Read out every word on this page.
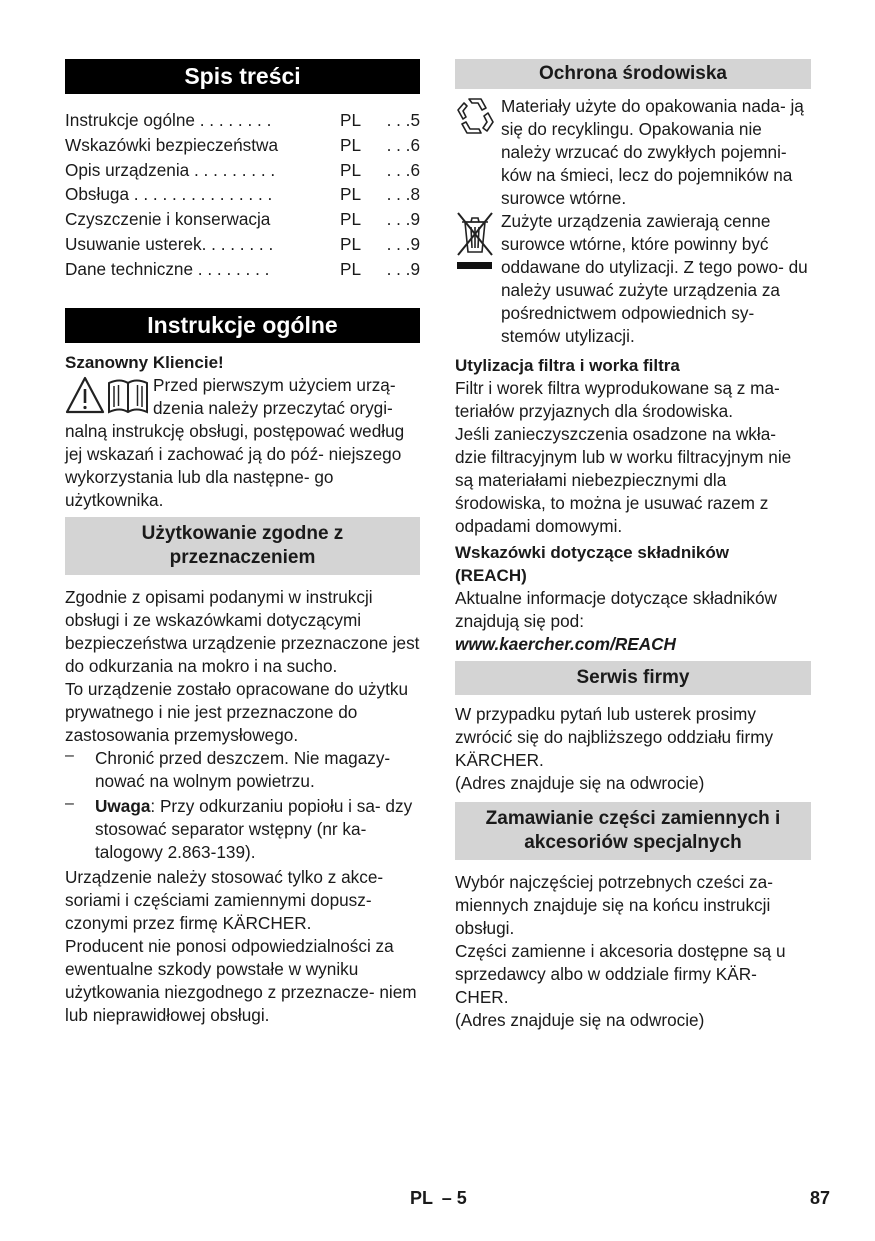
Spis treści
Instrukcje ogólne . . . . . . . .	PL	. . .5
Wskazówki bezpieczeństwa	PL	. . .6
Opis urządzenia . . . . . . . . .	PL	. . .6
Obsługa . . . . . . . . . . . . . . .	PL	. . .8
Czyszczenie i konserwacja	PL	. . .9
Usuwanie usterek. . . . . . . .	PL	. . .9
Dane techniczne . . . . . . . .	PL	. . .9
Instrukcje ogólne

Szanowny Kliencie!

Przed pierwszym użyciem urzą-

dzenia należy przeczytać orygi-

nalną instrukcję obsługi, postępować według jej wskazań i zachować ją do póź- niejszego wykorzystania lub dla następne- go użytkownika.

Użytkowanie zgodne z przeznaczeniem

Zgodnie z opisami podanymi w instrukcji obsługi i ze wskazówkami dotyczącymi bezpieczeństwa urządzenie przeznaczone jest do odkurzania na mokro i na sucho.

To urządzenie zostało opracowane do użytku prywatnego i nie jest przeznaczone do zastosowania przemysłowego.

–	Chronić przed deszczem. Nie magazy- nować na wolnym powietrzu.
–	Uwaga: Przy odkurzaniu popiołu i sa- dzy stosować separator wstępny (nr ka- talogowy 2.863-139).

Urządzenie należy stosować tylko z akce- soriami i częściami zamiennymi dopusz- czonymi przez firmę KÄRCHER.

Producent nie ponosi odpowiedzialności za ewentualne szkody powstałe w wyniku użytkowania niezgodnego z przeznacze- niem lub nieprawidłowej obsługi.

Ochrona środowiska

Materiały użyte do opakowania nada- ją się do recyklingu. Opakowania nie należy wrzucać do zwykłych pojemni- ków na śmieci, lecz do pojemników na surowce wtórne.

Zużyte urządzenia zawierają cenne surowce wtórne, które powinny być oddawane do utylizacji. Z tego powo- du należy usuwać zużyte urządzenia za pośrednictwem odpowiednich sy- stemów utylizacji.

Utylizacja filtra i worka filtra

Filtr i worek filtra wyprodukowane są z ma- teriałów przyjaznych dla środowiska.

Jeśli zanieczyszczenia osadzone na wkła- dzie filtracyjnym lub w worku filtracyjnym nie są materiałami niebezpiecznymi dla środowiska, to można je usuwać razem z odpadami domowymi.

Wskazówki dotyczące składników (REACH)

Aktualne informacje dotyczące składników znajdują się pod:

www.kaercher.com/REACH

Serwis firmy

W przypadku pytań lub usterek prosimy zwrócić się do najbliższego oddziału firmy KÄRCHER.

(Adres znajduje się na odwrocie)

Zamawianie części zamiennych i akcesoriów specjalnych

Wybór najczęściej potrzebnych cześci za- miennych znajduje się na końcu instrukcji obsługi.

Części zamienne i akcesoria dostępne są u sprzedawcy albo w oddziale firmy KÄR- CHER.

(Adres znajduje się na odwrocie)

PL – 5	87
